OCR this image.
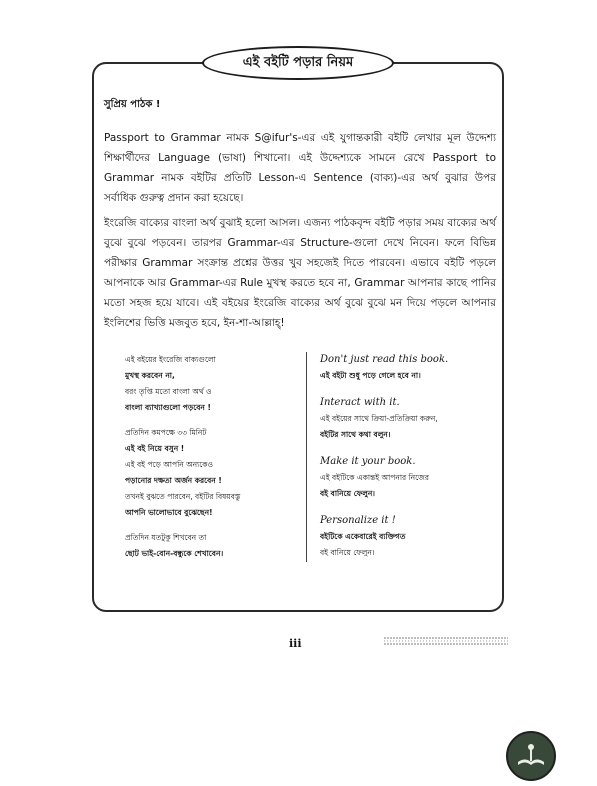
এই বইটি পড়ার নিয়ম
সুপ্রিয় পাঠক !

Passport to Grammar নামক S@ifur's-এর এই যুগান্তকারী বইটি লেখার মূল উদ্দেশ্য শিক্ষার্থীদের Language (ভাষা) শিখানো। এই উদ্দেশ্যকে সামনে রেখে Passport to Grammar নামক বইটির প্রতিটি Lesson-এ Sentence (বাক্য)-এর অর্থ বুঝার উপর সর্বাধিক গুরুত্ব প্রদান করা হয়েছে।

ইংরেজি বাক্যের বাংলা অর্থ বুঝাই হলো আসল। এজন্য পাঠকবৃন্দ বইটি পড়ার সময় বাক্যের অর্থ বুঝে বুঝে পড়বেন। তারপর Grammar-এর Structure-গুলো দেখে নিবেন। ফলে বিভিন্ন পরীক্ষার Grammar সংক্রান্ত প্রশ্নের উত্তর খুব সহজেই দিতে পারবেন। এভাবে বইটি পড়লে আপনাকে আর Grammar-এর Rule মুখস্থ করতে হবে না, Grammar আপনার কাছে পানির মতো সহজ হয়ে যাবে। এই বইয়ের ইংরেজি বাক্যের অর্থ বুঝে বুঝে মন দিয়ে পড়লে আপনার ইংলিশের ভিত্তি মজবুত হবে, ইন-শা-আল্লাহ্!

এই বইয়ের ইংরেজি বাক্যগুলো
মুখস্থ করবেন না,
বরং তৃপ্তি মতো বাংলা অর্থ ও
বাংলা ব্যাখ্যাগুলো পড়বেন !
প্রতিদিন কমপক্ষে ৩৩ মিনিট
এই বই নিয়ে বসুন !
এই বই পড়ে আপনি অন্যকেও
পড়ানোর দক্ষতা অর্জন করবেন !
তখনই বুঝতে পারবেন, বইটির বিষয়বস্তু
আপনি ভালোভাবে বুঝেছেন!
প্রতিদিন যতটুকু শিখবেন তা
ছোট ভাই-বোন-বন্ধুকে শেখাবেন।
Don't just read this book.
এই বইটা শুধু পড়ে গেলে হবে না।
Interact with it.
এই বইয়ের সাথে ক্রিয়া-প্রতিক্রিয়া করুন,
বইটির সাথে কথা বলুন।
Make it your book.
এই বইটিকে একান্তই আপনার নিজের
বই বানিয়ে ফেলুন।
Personalize it !
বইটিকে একেবারেই ব্যক্তিগত
বই বানিয়ে ফেলুন।
iii
